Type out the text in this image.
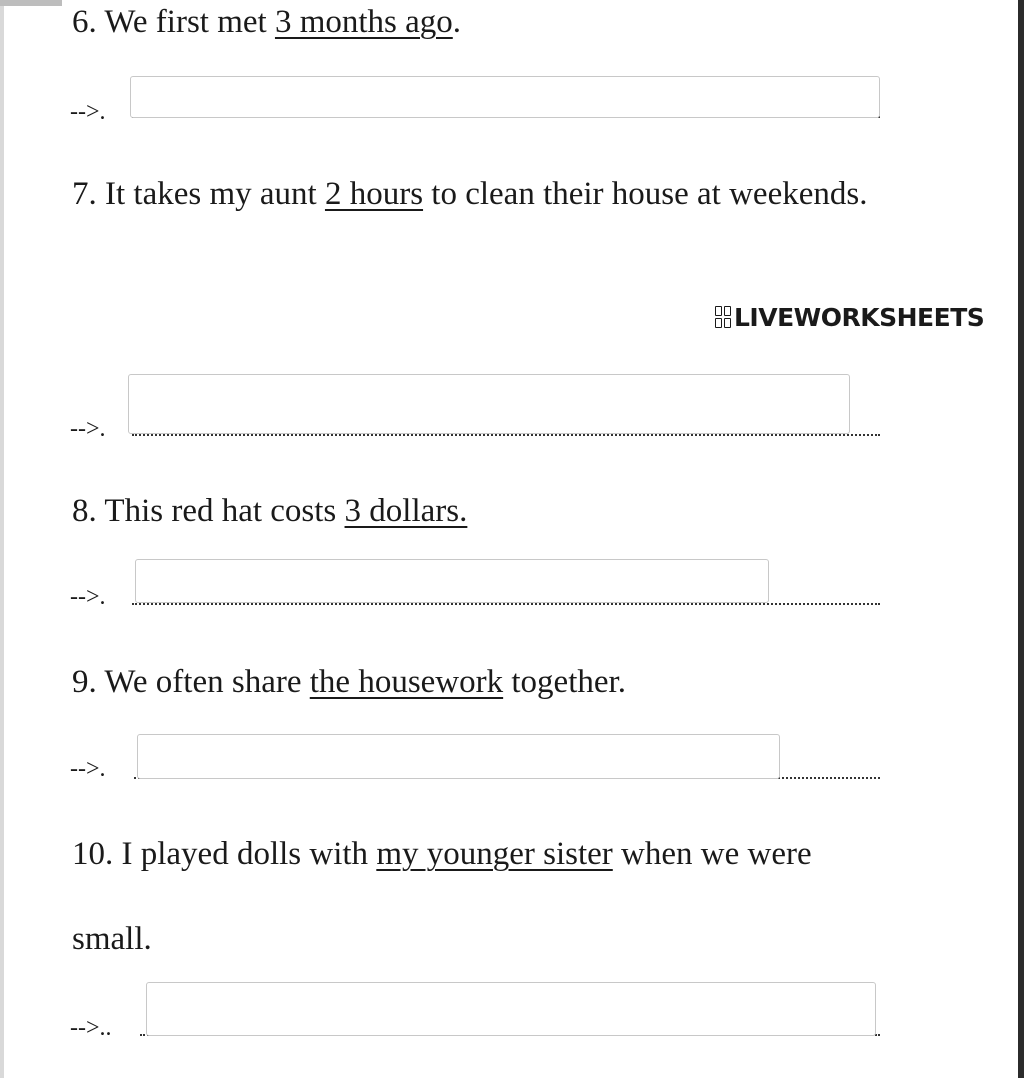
6. We first met 3 months ago.

-->.

7. It takes my aunt 2 hours to clean their house at weekends.

LIVEWORKSHEETS
-->.

8. This red hat costs 3 dollars.

-->.

9. We often share the housework together.

-->.

10. I played dolls with my younger sister when we were

small.

-->..
